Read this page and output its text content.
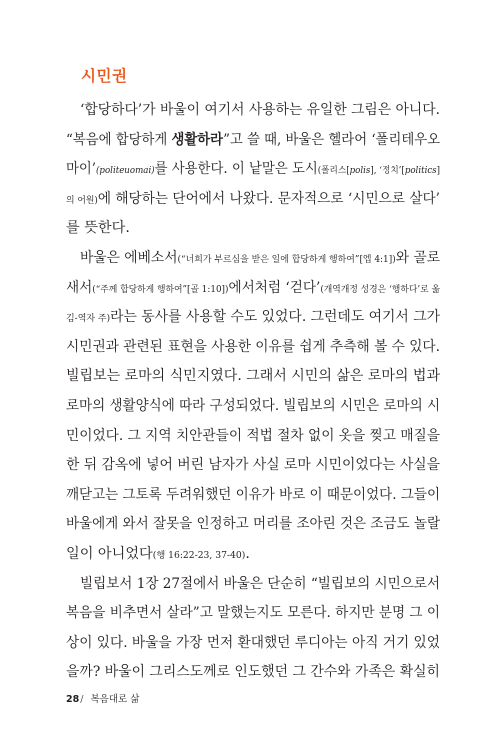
시민권
‘합당하다’가 바울이 여기서 사용하는 유일한 그림은 아니다.
“복음에 합당하게 생활하라”고 쓸 때, 바울은 헬라어 ‘폴리테우오
마이’(politeuomai)를 사용한다. 이 낱말은 도시(폴리스[polis], ‘정치’[politics]
의 어원)에 해당하는 단어에서 나왔다. 문자적으로 ‘시민으로 살다’
를 뜻한다.
바울은 에베소서(“너희가 부르심을 받은 일에 합당하게 행하여”[엡 4:1])와 골로
새서(“주께 합당하게 행하여”[골 1:10])에서처럼 ‘걷다’(개역개정 성경은 ‘행하다’로 옮
김-역자 주)라는 동사를 사용할 수도 있었다. 그런데도 여기서 그가
시민권과 관련된 표현을 사용한 이유를 쉽게 추측해 볼 수 있다.
빌립보는 로마의 식민지였다. 그래서 시민의 삶은 로마의 법과
로마의 생활양식에 따라 구성되었다. 빌립보의 시민은 로마의 시
민이었다. 그 지역 치안관들이 적법 절차 없이 옷을 찢고 매질을
한 뒤 감옥에 넣어 버린 남자가 사실 로마 시민이었다는 사실을
깨닫고는 그토록 두려워했던 이유가 바로 이 때문이었다. 그들이
바울에게 와서 잘못을 인정하고 머리를 조아린 것은 조금도 놀랄
일이 아니었다(행 16:22-23, 37-40).
빌립보서 1장 27절에서 바울은 단순히 “빌립보의 시민으로서
복음을 비추면서 살라”고 말했는지도 모른다. 하지만 분명 그 이
상이 있다. 바울을 가장 먼저 환대했던 루디아는 아직 거기 있었
을까? 바울이 그리스도께로 인도했던 그 간수와 가족은 확실히
28/ 복음대로 삶
